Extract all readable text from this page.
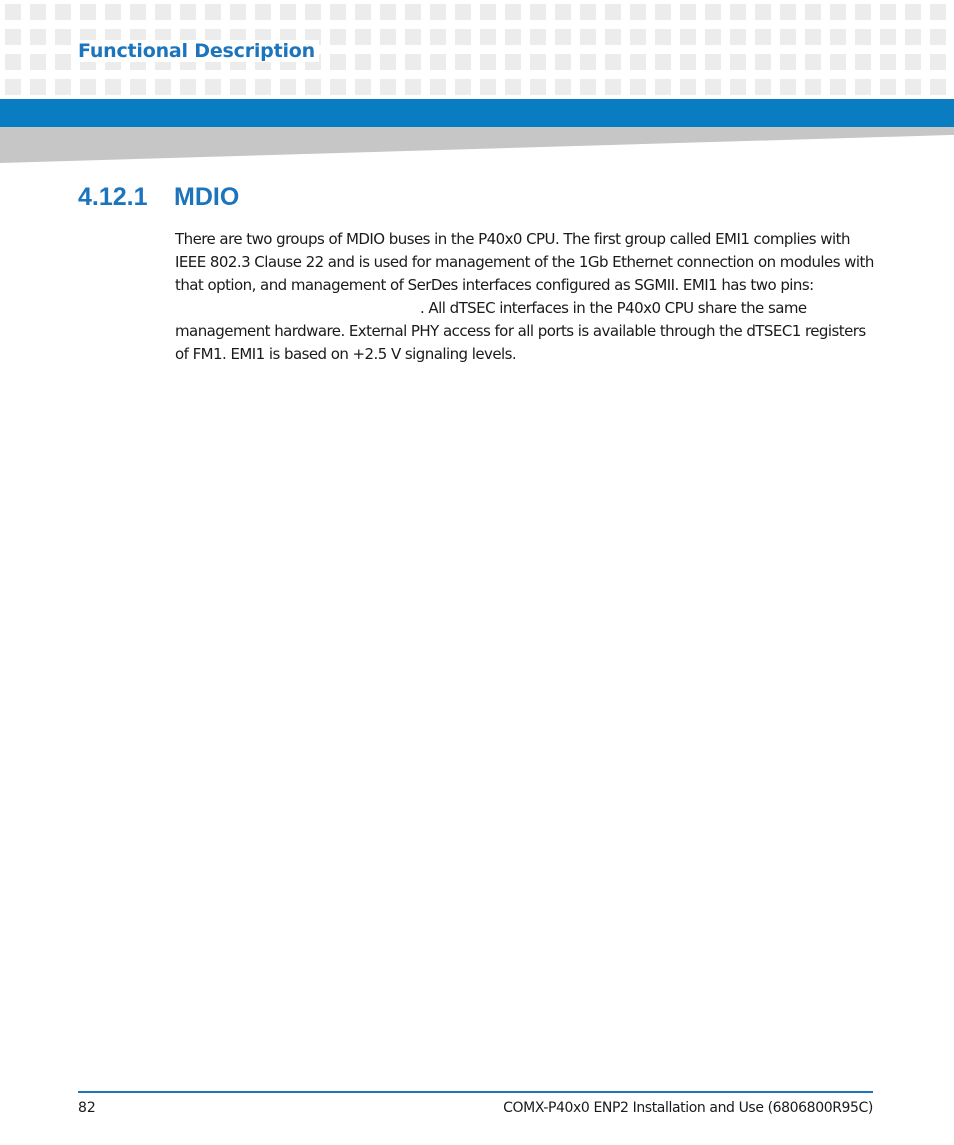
Functional Description
4.12.1 MDIO

There are two groups of MDIO buses in the P40x0 CPU. The first group called EMI1 complies with IEEE 802.3 Clause 22 and is used for management of the 1Gb Ethernet connection on modules with that option, and management of SerDes interfaces configured as SGMII. EMI1 has two pins: . All dTSEC interfaces in the P40x0 CPU share the same management hardware. External PHY access for all ports is available through the dTSEC1 registers of FM1. EMI1 is based on +2.5 V signaling levels.

82	COMX-P40x0 ENP2 Installation and Use (6806800R95C)
